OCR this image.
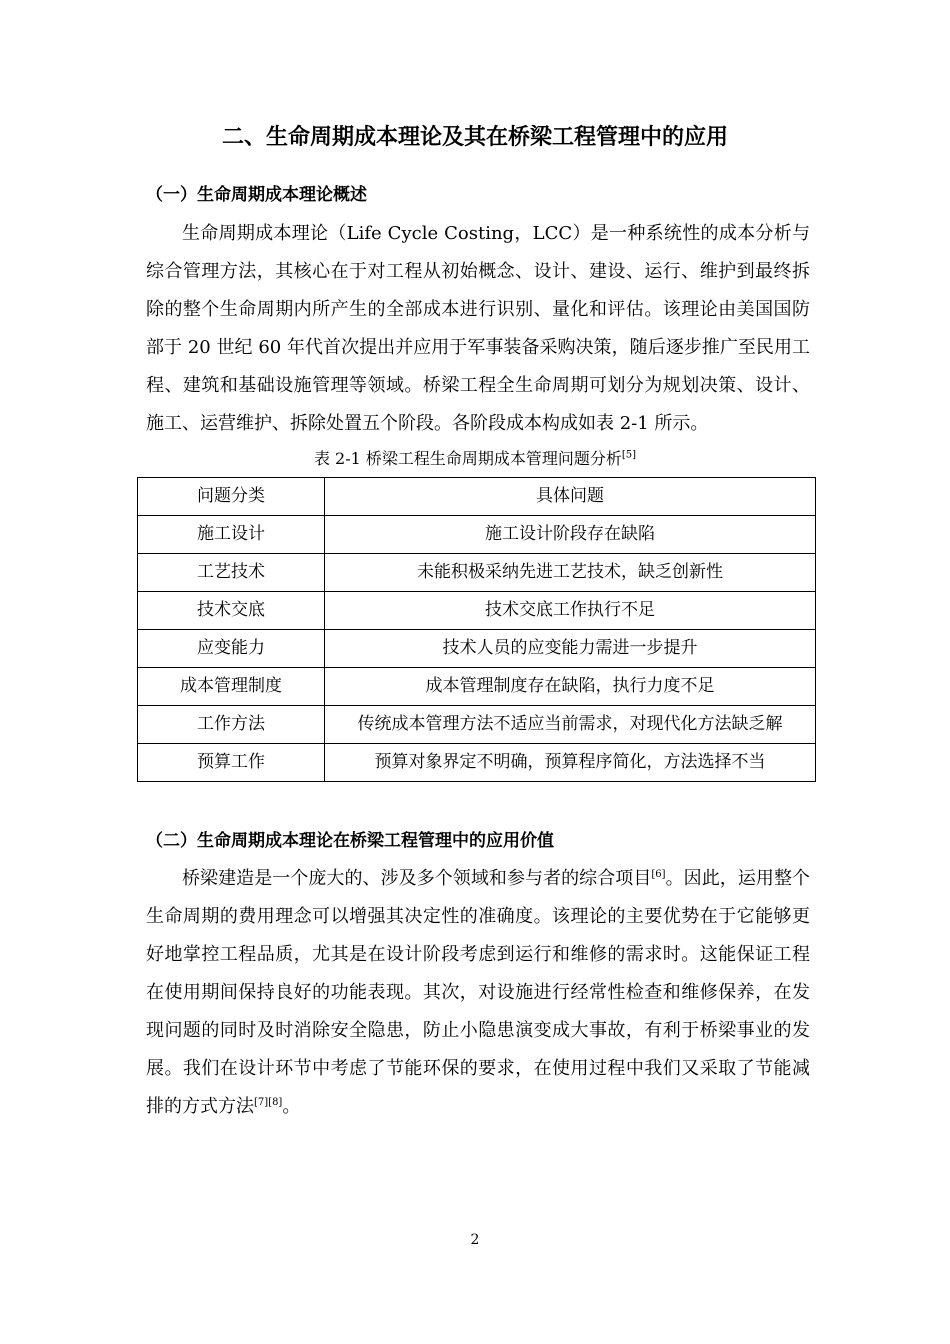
二、生命周期成本理论及其在桥梁工程管理中的应用
（一）生命周期成本理论概述

生命周期成本理论（Life Cycle Costing，LCC）是一种系统性的成本分析与综合管理方法，其核心在于对工程从初始概念、设计、建设、运行、维护到最终拆除的整个生命周期内所产生的全部成本进行识别、量化和评估。该理论由美国国防部于 20 世纪 60 年代首次提出并应用于军事装备采购决策，随后逐步推广至民用工程、建筑和基础设施管理等领域。桥梁工程全生命周期可划分为规划决策、设计、施工、运营维护、拆除处置五个阶段。各阶段成本构成如表 2-1 所示。

表 2-1 桥梁工程生命周期成本管理问题分析[5]
问题分类	具体问题
施工设计	施工设计阶段存在缺陷
工艺技术	未能积极采纳先进工艺技术，缺乏创新性
技术交底	技术交底工作执行不足
应变能力	技术人员的应变能力需进一步提升
成本管理制度	成本管理制度存在缺陷，执行力度不足
工作方法	传统成本管理方法不适应当前需求，对现代化方法缺乏解
预算工作	预算对象界定不明确，预算程序简化，方法选择不当
（二）生命周期成本理论在桥梁工程管理中的应用价值

桥梁建造是一个庞大的、涉及多个领域和参与者的综合项目[6]。因此，运用整个生命周期的费用理念可以增强其决定性的准确度。该理论的主要优势在于它能够更好地掌控工程品质，尤其是在设计阶段考虑到运行和维修的需求时。这能保证工程在使用期间保持良好的功能表现。其次，对设施进行经常性检查和维修保养，在发现问题的同时及时消除安全隐患，防止小隐患演变成大事故，有利于桥梁事业的发展。我们在设计环节中考虑了节能环保的要求，在使用过程中我们又采取了节能减排的方式方法[7][8]。

2
